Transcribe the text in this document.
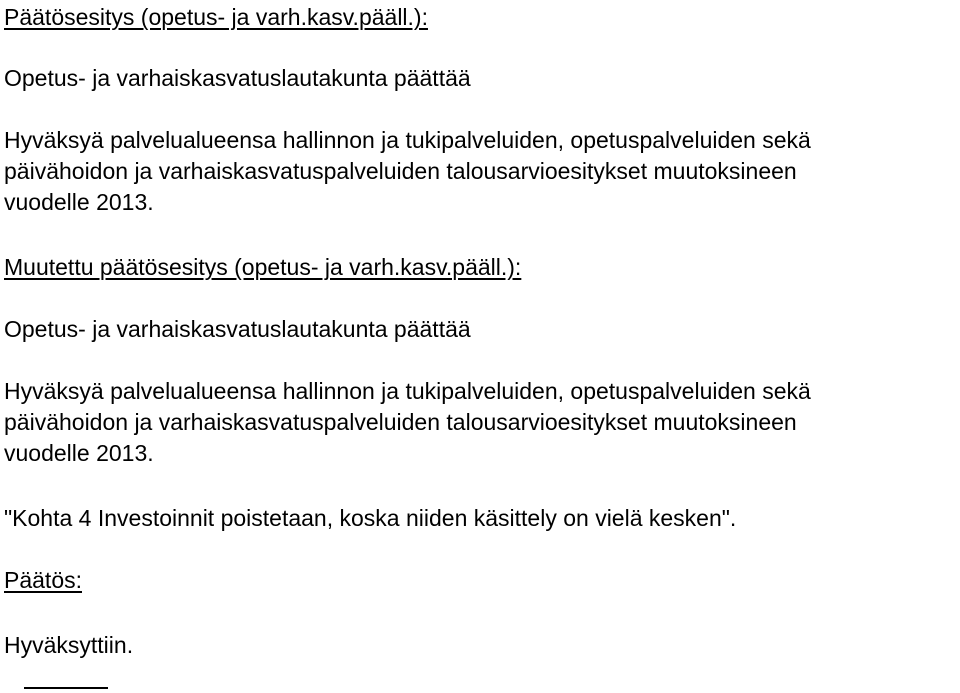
Päätösesitys (opetus- ja varh.kasv.pääll.):

Opetus- ja varhaiskasvatuslautakunta päättää

Hyväksyä palvelualueensa hallinnon ja tukipalveluiden, opetuspalveluiden sekä

päivähoidon ja varhaiskasvatuspalveluiden talousarvioesitykset muutoksineen

vuodelle 2013.

Muutettu päätösesitys (opetus- ja varh.kasv.pääll.):

Opetus- ja varhaiskasvatuslautakunta päättää

Hyväksyä palvelualueensa hallinnon ja tukipalveluiden, opetuspalveluiden sekä

päivähoidon ja varhaiskasvatuspalveluiden talousarvioesitykset muutoksineen

vuodelle 2013.

"Kohta 4 Investoinnit poistetaan, koska niiden käsittely on vielä kesken".

Päätös:

Hyväksyttiin.
